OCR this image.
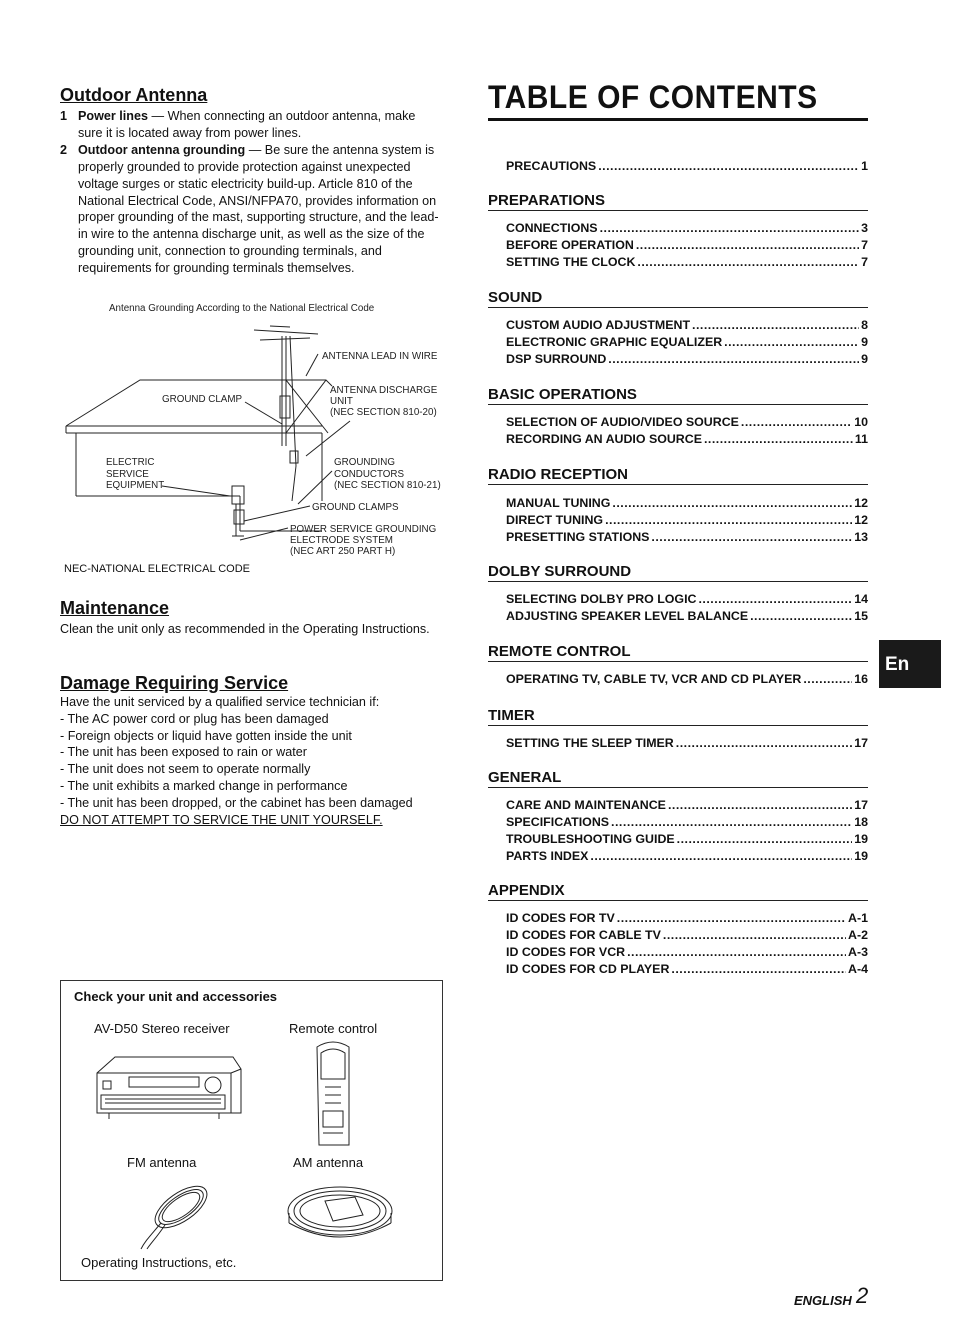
Outdoor Antenna
1 Power lines — When connecting an outdoor antenna, make sure it is located away from power lines.
2 Outdoor antenna grounding — Be sure the antenna system is properly grounded to provide protection against unexpected voltage surges or static electricity build-up. Article 810 of the National Electrical Code, ANSI/NFPA70, provides information on proper grounding of the mast, supporting structure, and the lead-in wire to the antenna discharge unit, as well as the size of the grounding unit, connection to grounding terminals, and requirements for grounding terminals themselves.
Antenna Grounding According to the National Electrical Code
ANTENNA LEAD IN WIRE
GROUND CLAMP
ANTENNA DISCHARGE
UNIT
(NEC SECTION 810-20)
ELECTRIC
SERVICE
EQUIPMENT
GROUNDING
CONDUCTORS
(NEC SECTION 810-21)
GROUND CLAMPS
POWER SERVICE GROUNDING
ELECTRODE SYSTEM
(NEC ART 250 PART H)
NEC-NATIONAL ELECTRICAL CODE
Maintenance
Clean the unit only as recommended in the Operating Instructions.
Damage Requiring Service
Have the unit serviced by a qualified service technician if:
- The AC power cord or plug has been damaged
- Foreign objects or liquid have gotten inside the unit
- The unit has been exposed to rain or water
- The unit does not seem to operate normally
- The unit exhibits a marked change in performance
- The unit has been dropped, or the cabinet has been damaged
DO NOT ATTEMPT TO SERVICE THE UNIT YOURSELF.
Check your unit and accessories
AV-D50 Stereo receiver	Remote control
FM antenna	AM antenna
Operating Instructions, etc.
TABLE OF CONTENTS
PRECAUTIONS .....	1
PREPARATIONS
CONNECTIONS .....	3
BEFORE OPERATION .....	7
SETTING THE CLOCK .....	7
SOUND
CUSTOM AUDIO ADJUSTMENT .....	8
ELECTRONIC GRAPHIC EQUALIZER .....	9
DSP SURROUND .....	9
BASIC OPERATIONS
SELECTION OF AUDIO/VIDEO SOURCE .....	10
RECORDING AN AUDIO SOURCE .....	11
RADIO RECEPTION
MANUAL TUNING .....	12
DIRECT TUNING .....	12
PRESETTING STATIONS .....	13
DOLBY SURROUND
SELECTING DOLBY PRO LOGIC .....	14
ADJUSTING SPEAKER LEVEL BALANCE .....	15
REMOTE CONTROL
OPERATING TV, CABLE TV, VCR AND CD PLAYER .....	16
TIMER
SETTING THE SLEEP TIMER .....	17
GENERAL
CARE AND MAINTENANCE .....	17
SPECIFICATIONS .....	18
TROUBLESHOOTING GUIDE .....	19
PARTS INDEX .....	19
APPENDIX
ID CODES FOR TV .....	A-1
ID CODES FOR CABLE TV .....	A-2
ID CODES FOR VCR .....	A-3
ID CODES FOR CD PLAYER .....	A-4
En
ENGLISH 2
